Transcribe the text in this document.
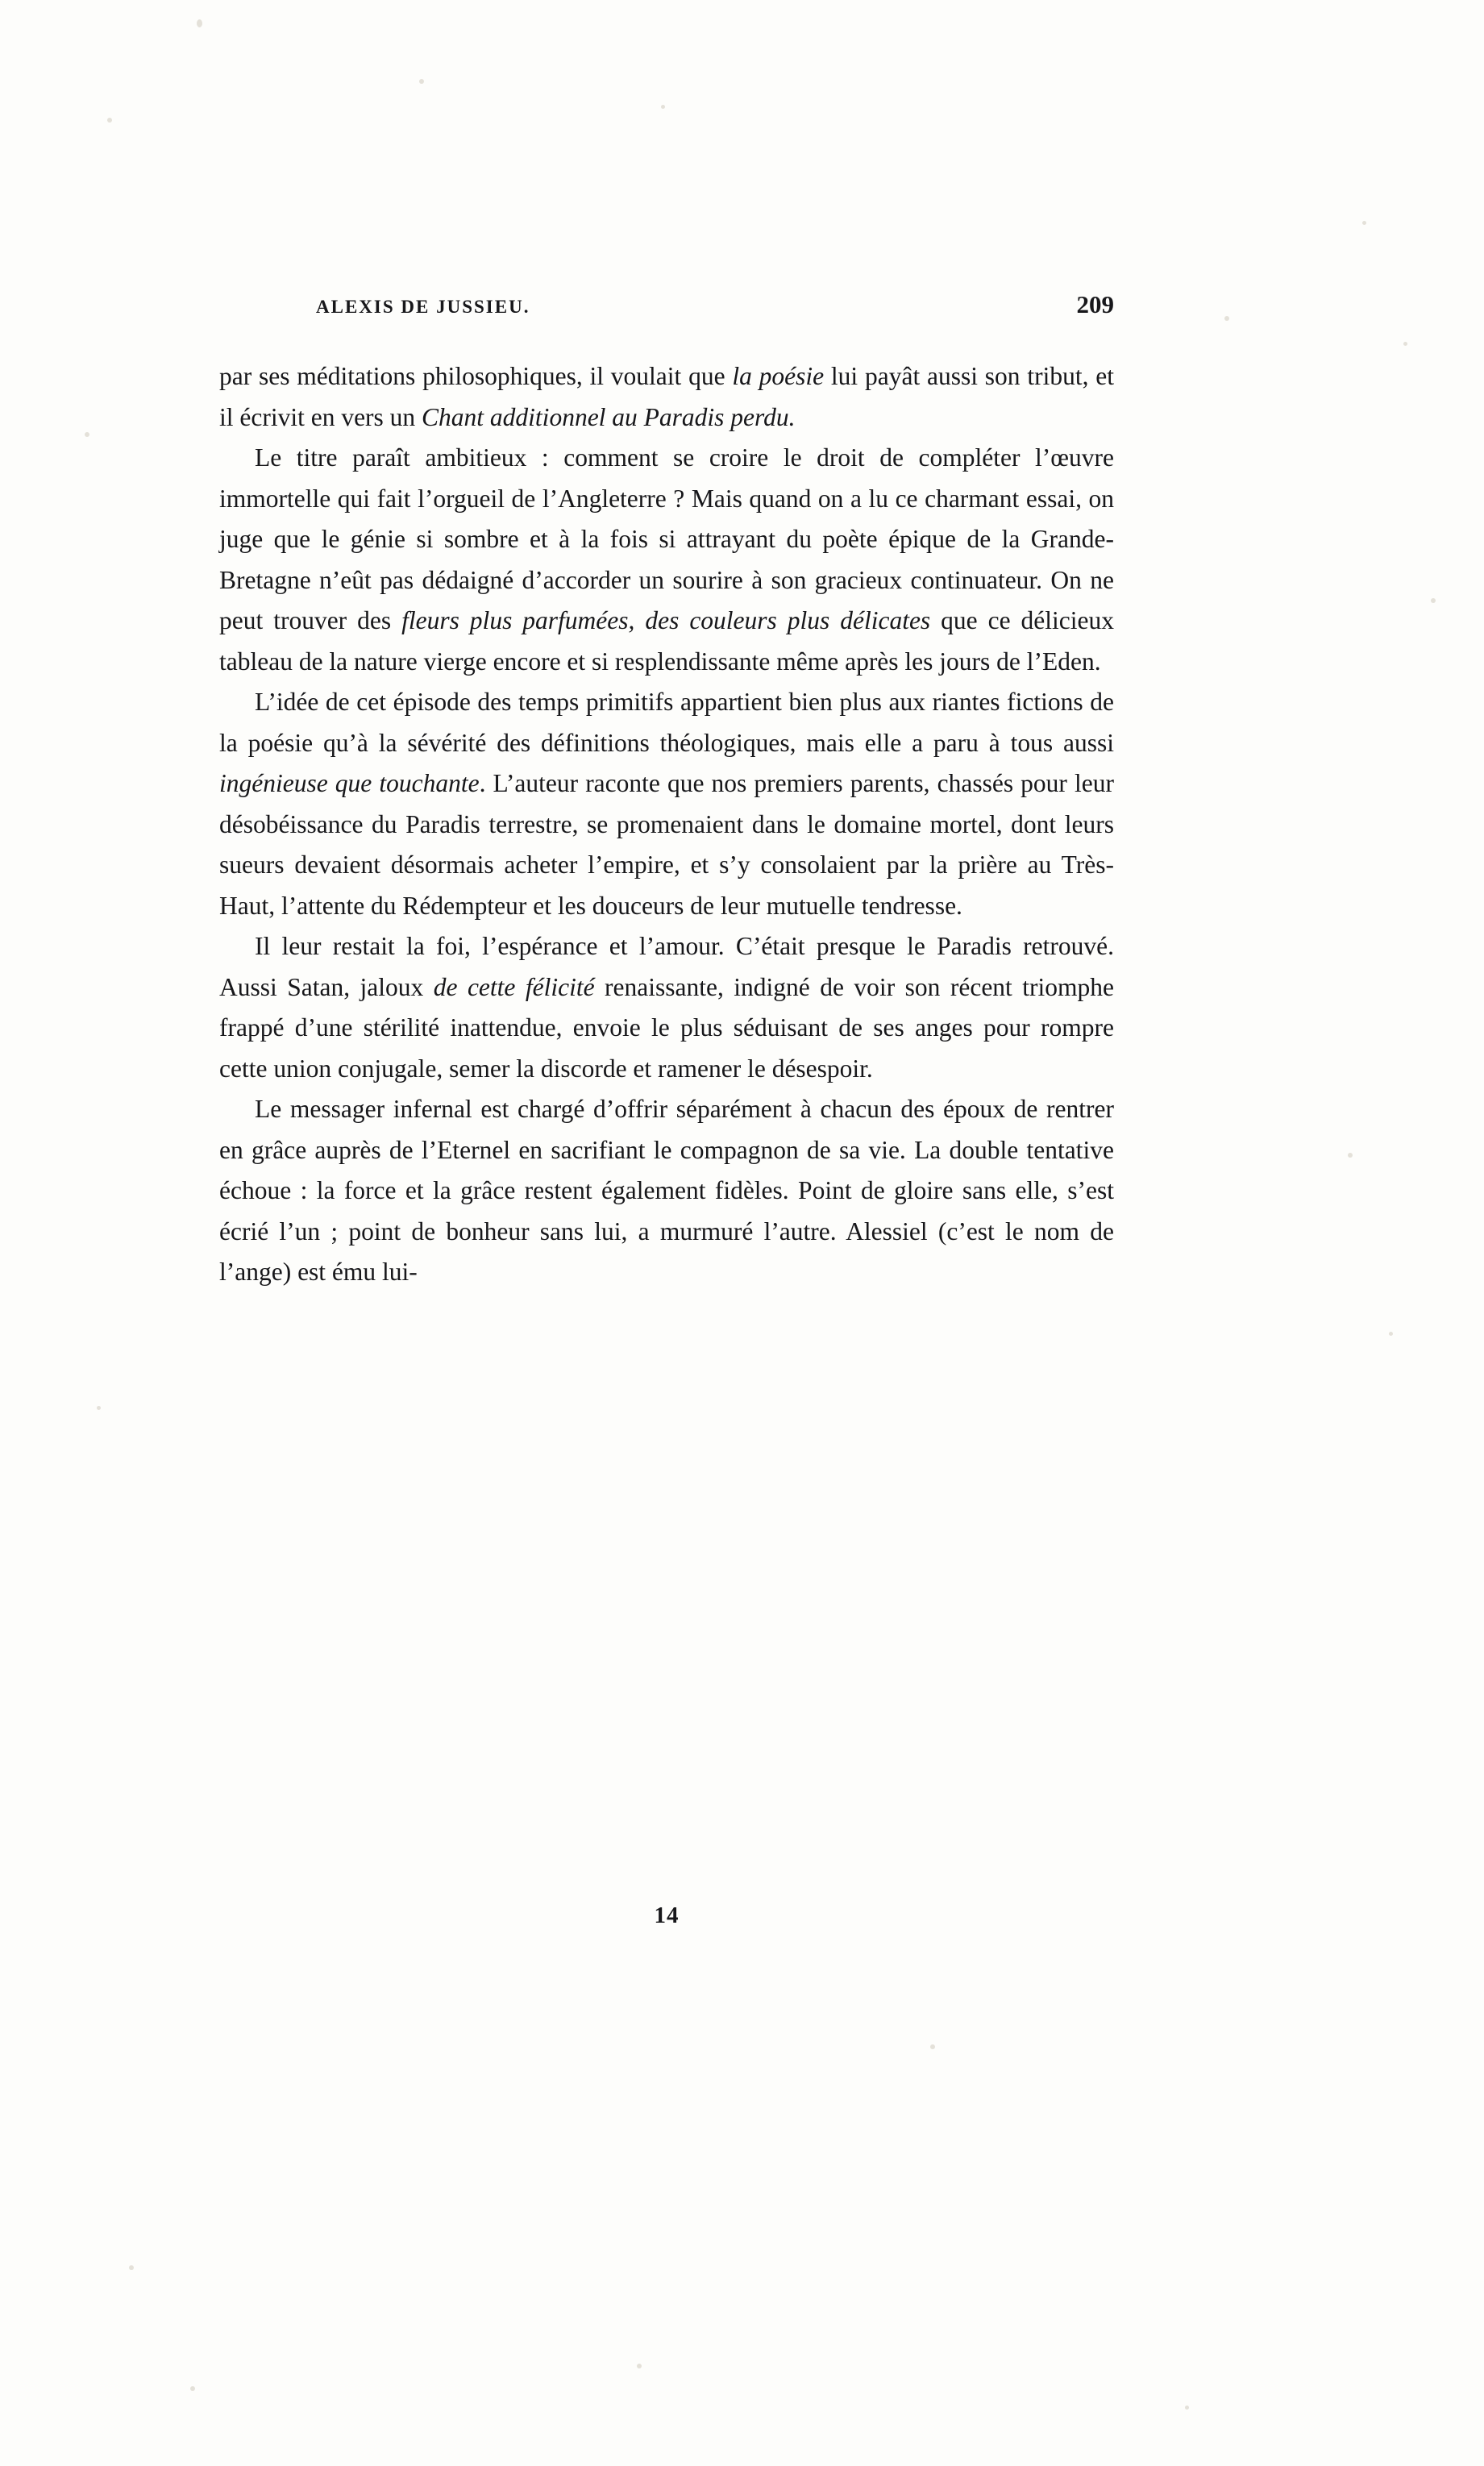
ALEXIS DE JUSSIEU.	209

par ses méditations philosophiques, il voulait que la poésie lui payât aussi son tribut, et il écrivit en vers un Chant additionnel au Paradis perdu.

Le titre paraît ambitieux : comment se croire le droit de compléter l’œuvre immortelle qui fait l’orgueil de l’Angleterre ? Mais quand on a lu ce charmant essai, on juge que le génie si sombre et à la fois si attrayant du poète épique de la Grande-Bretagne n’eût pas dédaigné d’accorder un sourire à son gracieux continuateur. On ne peut trouver des fleurs plus parfumées, des couleurs plus délicates que ce délicieux tableau de la nature vierge encore et si resplendissante même après les jours de l’Eden.

L’idée de cet épisode des temps primitifs appartient bien plus aux riantes fictions de la poésie qu’à la sévérité des définitions théologiques, mais elle a paru à tous aussi ingénieuse que touchante. L’auteur raconte que nos premiers parents, chassés pour leur désobéissance du Paradis terrestre, se promenaient dans le domaine mortel, dont leurs sueurs devaient désormais acheter l’empire, et s’y consolaient par la prière au Très-Haut, l’attente du Rédempteur et les douceurs de leur mutuelle tendresse.

Il leur restait la foi, l’espérance et l’amour. C’était presque le Paradis retrouvé. Aussi Satan, jaloux de cette félicité renaissante, indigné de voir son récent triomphe frappé d’une stérilité inattendue, envoie le plus séduisant de ses anges pour rompre cette union conjugale, semer la discorde et ramener le désespoir.

Le messager infernal est chargé d’offrir séparément à chacun des époux de rentrer en grâce auprès de l’Eternel en sacrifiant le compagnon de sa vie. La double tentative échoue : la force et la grâce restent également fidèles. Point de gloire sans elle, s’est écrié l’un ; point de bonheur sans lui, a murmuré l’autre. Alessiel (c’est le nom de l’ange) est ému lui-

14
